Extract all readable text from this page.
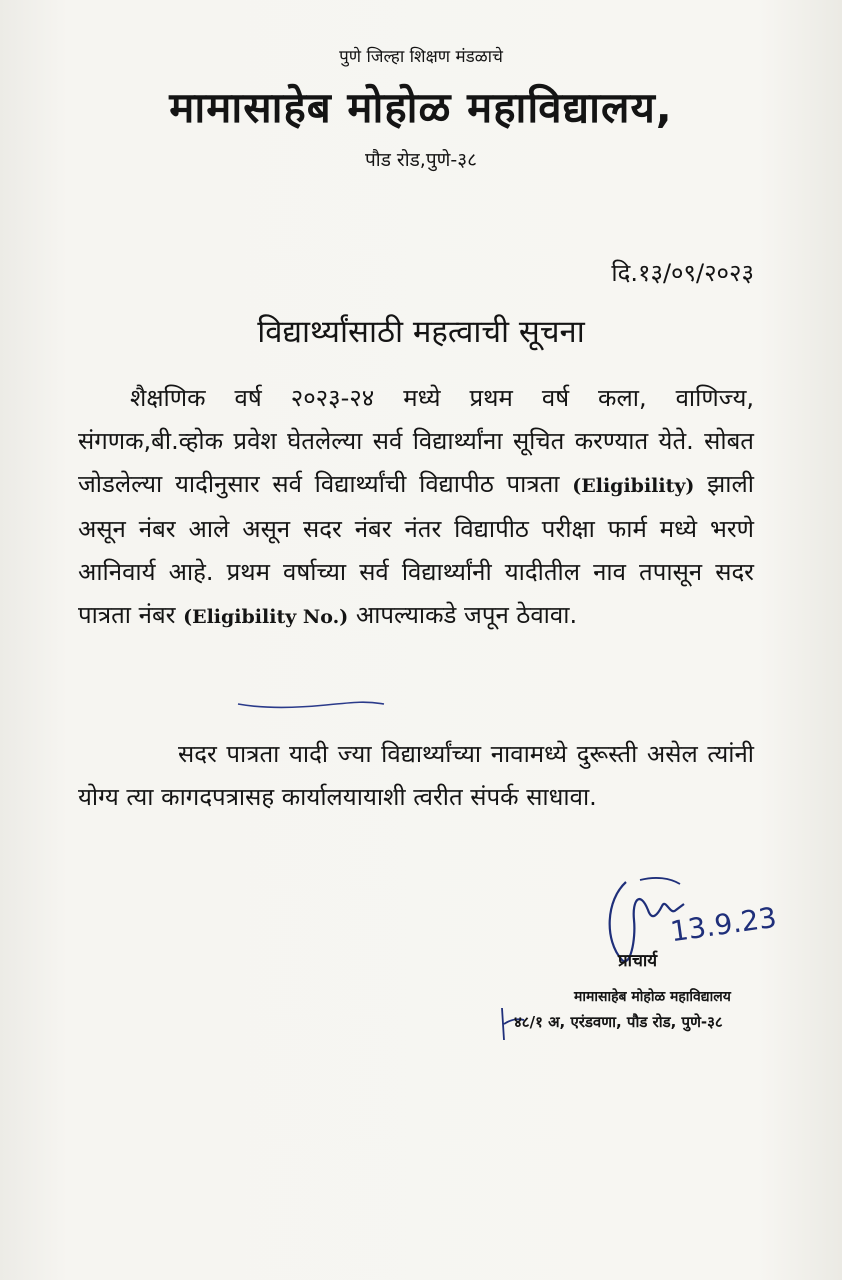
पुणे जिल्हा शिक्षण मंडळाचे
मामासाहेब मोहोळ महाविद्यालय,
पौड रोड,पुणे-३८
दि.१३/०९/२०२३
विद्यार्थ्यांसाठी महत्वाची सूचना
शैक्षणिक वर्ष २०२३-२४ मध्ये प्रथम वर्ष कला, वाणिज्य, संगणक,बी.व्होक प्रवेश घेतलेल्या सर्व विद्यार्थ्यांना सूचित करण्यात येते. सोबत जोडलेल्या यादीनुसार सर्व विद्यार्थ्यांची विद्यापीठ पात्रता (Eligibility) झाली असून नंबर आले असून सदर नंबर नंतर विद्यापीठ परीक्षा फार्म मध्ये भरणे आनिवार्य आहे. प्रथम वर्षाच्या सर्व विद्यार्थ्यांनी यादीतील नाव तपासून सदर पात्रता नंबर (Eligibility No.) आपल्याकडे जपून ठेवावा.
सदर पात्रता यादी ज्या विद्यार्थ्यांच्या नावामध्ये दुरूस्ती असेल त्यांनी योग्य त्या कागदपत्रासह कार्यालयायाशी त्वरीत संपर्क साधावा.
13.9.23
प्राचार्य
मामासाहेब मोहोळ महाविद्यालय
४८/१ अ, एरंडवणा, पौड रोड, पुणे-३८
